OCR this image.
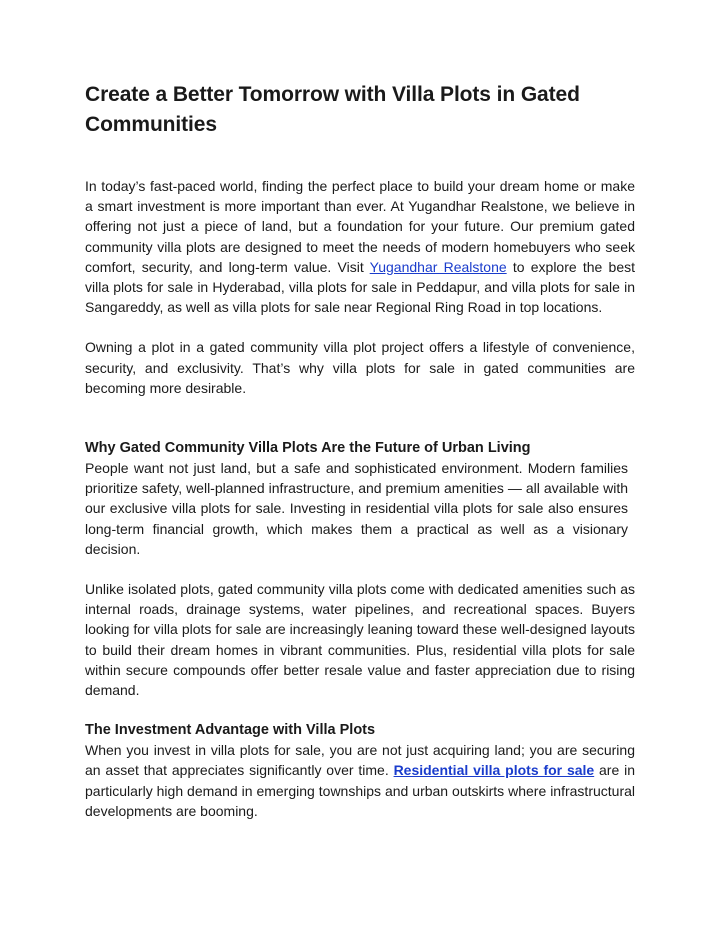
Create a Better Tomorrow with Villa Plots in Gated Communities

In today’s fast-paced world, finding the perfect place to build your dream home or make a smart investment is more important than ever. At Yugandhar Realstone, we believe in offering not just a piece of land, but a foundation for your future. Our premium gated community villa plots are designed to meet the needs of modern homebuyers who seek comfort, security, and long-term value. Visit Yugandhar Realstone to explore the best villa plots for sale in Hyderabad, villa plots for sale in Peddapur, and villa plots for sale in Sangareddy, as well as villa plots for sale near Regional Ring Road in top locations.

Owning a plot in a gated community villa plot project offers a lifestyle of convenience, security, and exclusivity. That’s why villa plots for sale in gated communities are becoming more desirable.

Why Gated Community Villa Plots Are the Future of Urban Living

People want not just land, but a safe and sophisticated environment. Modern families prioritize safety, well-planned infrastructure, and premium amenities — all available with our exclusive villa plots for sale. Investing in residential villa plots for sale also ensures long-term financial growth, which makes them a practical as well as a visionary decision.

Unlike isolated plots, gated community villa plots come with dedicated amenities such as internal roads, drainage systems, water pipelines, and recreational spaces. Buyers looking for villa plots for sale are increasingly leaning toward these well-designed layouts to build their dream homes in vibrant communities. Plus, residential villa plots for sale within secure compounds offer better resale value and faster appreciation due to rising demand.

The Investment Advantage with Villa Plots

When you invest in villa plots for sale, you are not just acquiring land; you are securing an asset that appreciates significantly over time. Residential villa plots for sale are in particularly high demand in emerging townships and urban outskirts where infrastructural developments are booming.
